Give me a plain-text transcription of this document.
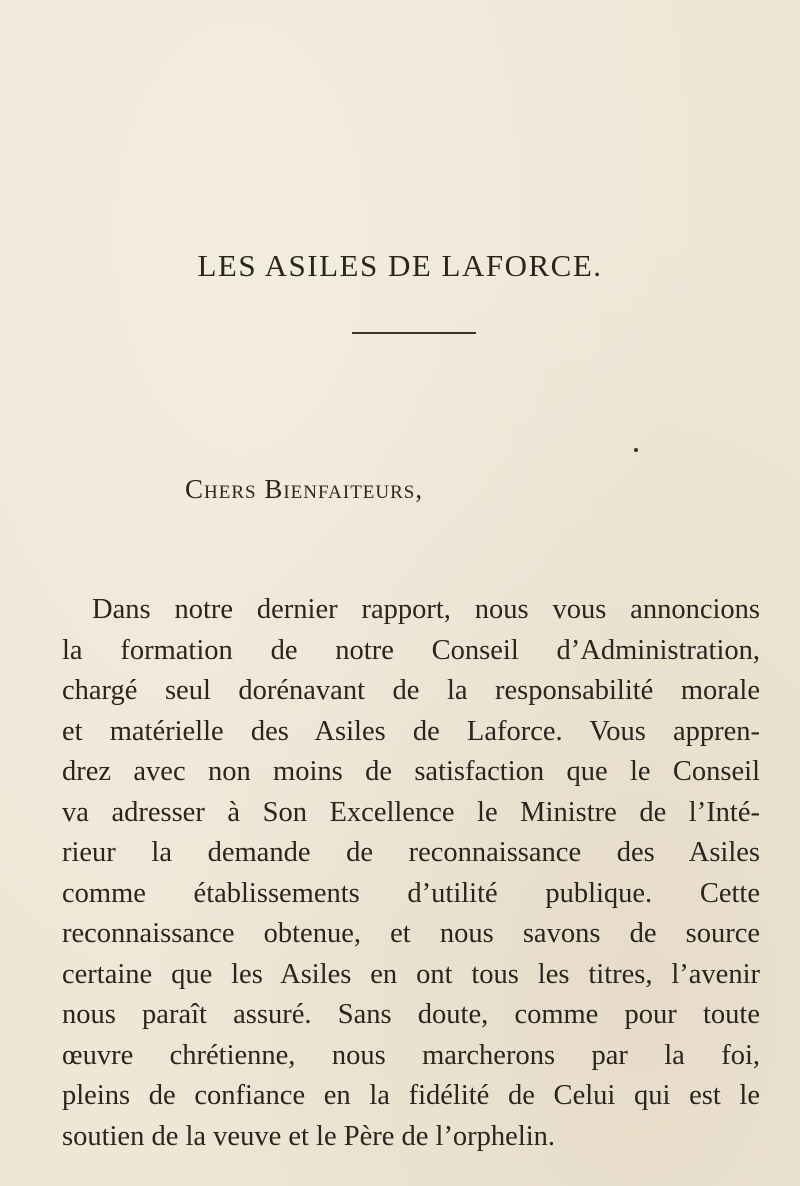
LES ASILES DE LAFORCE.
Chers Bienfaiteurs,
Dans notre dernier rapport, nous vous annoncions
la formation de notre Conseil d’Administration,
chargé seul dorénavant de la responsabilité morale
et matérielle des Asiles de Laforce. Vous appren-
drez avec non moins de satisfaction que le Conseil
va adresser à Son Excellence le Ministre de l’Inté-
rieur la demande de reconnaissance des Asiles
comme établissements d’utilité publique. Cette
reconnaissance obtenue, et nous savons de source
certaine que les Asiles en ont tous les titres, l’avenir
nous paraît assuré. Sans doute, comme pour toute
œuvre chrétienne, nous marcherons par la foi,
pleins de confiance en la fidélité de Celui qui est le
soutien de la veuve et le Père de l’orphelin.
